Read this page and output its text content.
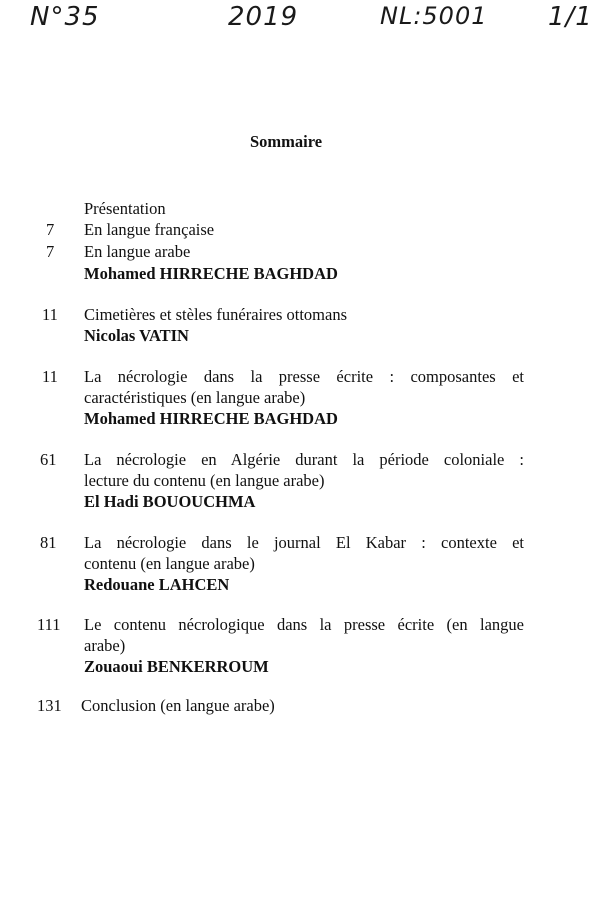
N°35	2019	NL:5001 1/1
Sommaire
Présentation
7 En langue française
7 En langue arabe
Mohamed HIRRECHE BAGHDAD
11 Cimetières et stèles funéraires ottomans
Nicolas VATIN
11 La nécrologie dans la presse écrite : composantes et
caractéristiques (en langue arabe)
Mohamed HIRRECHE BAGHDAD
61 La nécrologie en Algérie durant la période coloniale :
lecture du contenu (en langue arabe)
El Hadi BOUOUCHMA
81 La nécrologie dans le journal El Kabar : contexte et
contenu (en langue arabe)
Redouane LAHCEN
111 Le contenu nécrologique dans la presse écrite (en langue
arabe)
Zouaoui BENKERROUM
131 Conclusion (en langue arabe)
